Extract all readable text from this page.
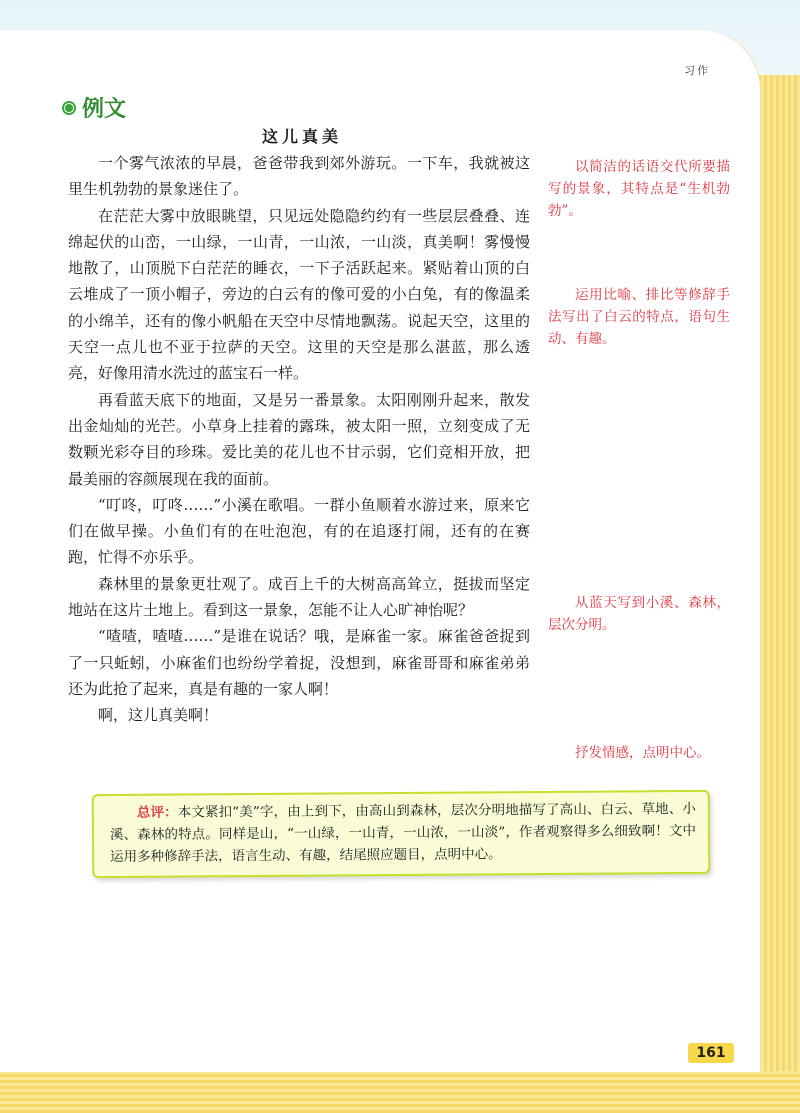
习作
例文
这儿真美

一个雾气浓浓的早晨，爸爸带我到郊外游玩。一下车，我就被这里生机勃勃的景象迷住了。

在茫茫大雾中放眼眺望，只见远处隐隐约约有一些层层叠叠、连绵起伏的山峦，一山绿，一山青，一山浓，一山淡，真美啊！雾慢慢地散了，山顶脱下白茫茫的睡衣，一下子活跃起来。紧贴着山顶的白云堆成了一顶小帽子，旁边的白云有的像可爱的小白兔，有的像温柔的小绵羊，还有的像小帆船在天空中尽情地飘荡。说起天空，这里的天空一点儿也不亚于拉萨的天空。这里的天空是那么湛蓝，那么透亮，好像用清水洗过的蓝宝石一样。

再看蓝天底下的地面，又是另一番景象。太阳刚刚升起来，散发出金灿灿的光芒。小草身上挂着的露珠，被太阳一照，立刻变成了无数颗光彩夺目的珍珠。爱比美的花儿也不甘示弱，它们竞相开放，把最美丽的容颜展现在我的面前。

“叮咚，叮咚……”小溪在歌唱。一群小鱼顺着水游过来，原来它们在做早操。小鱼们有的在吐泡泡，有的在追逐打闹，还有的在赛跑，忙得不亦乐乎。

森林里的景象更壮观了。成百上千的大树高高耸立，挺拔而坚定地站在这片土地上。看到这一景象，怎能不让人心旷神怡呢？

“喳喳，喳喳……”是谁在说话？哦，是麻雀一家。麻雀爸爸捉到了一只蚯蚓，小麻雀们也纷纷学着捉，没想到，麻雀哥哥和麻雀弟弟还为此抢了起来，真是有趣的一家人啊！

啊，这儿真美啊！

以简洁的话语交代所要描写的景象，其特点是“生机勃勃”。

运用比喻、排比等修辞手法写出了白云的特点，语句生动、有趣。

从蓝天写到小溪、森林，层次分明。

抒发情感，点明中心。

总评：本文紧扣“美”字，由上到下，由高山到森林，层次分明地描写了高山、白云、草地、小溪、森林的特点。同样是山，“一山绿，一山青，一山浓，一山淡”，作者观察得多么细致啊！文中运用多种修辞手法，语言生动、有趣，结尾照应题目，点明中心。
161
